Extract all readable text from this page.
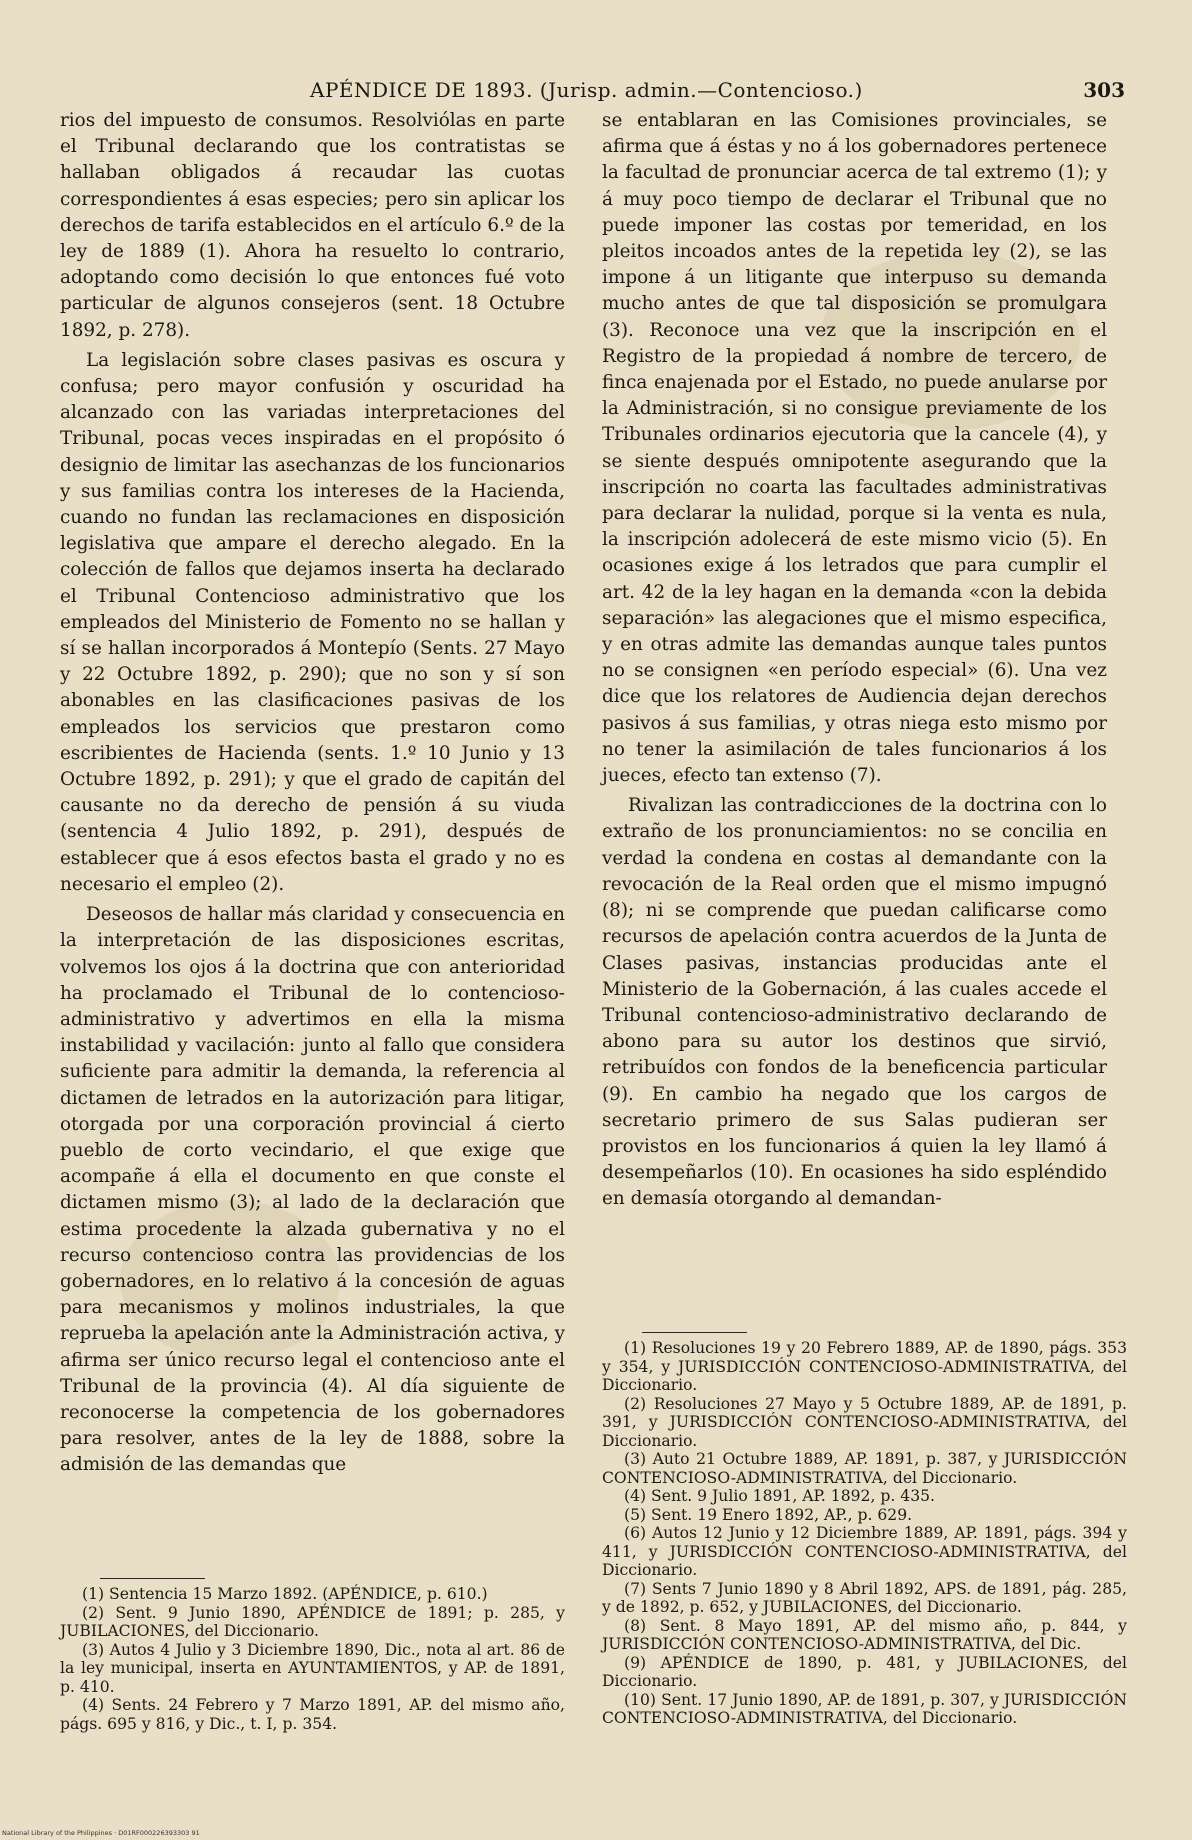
APÉNDICE DE 1893. (Jurisp. admin.—Contencioso.)	303

rios del impuesto de consumos. Resolviólas en parte el Tribunal declarando que los contratistas se hallaban obligados á recaudar las cuotas correspondientes á esas especies; pero sin aplicar los derechos de tarifa establecidos en el artículo 6.º de la ley de 1889 (1). Ahora ha resuelto lo contrario, adoptando como decisión lo que entonces fué voto particular de algunos consejeros (sent. 18 Octubre 1892, p. 278).

La legislación sobre clases pasivas es oscura y confusa; pero mayor confusión y oscuridad ha alcanzado con las variadas interpretaciones del Tribunal, pocas veces inspiradas en el propósito ó designio de limitar las asechanzas de los funcionarios y sus familias contra los intereses de la Hacienda, cuando no fundan las reclamaciones en disposición legislativa que ampare el derecho alegado. En la colección de fallos que dejamos inserta ha declarado el Tribunal Contencioso administrativo que los empleados del Ministerio de Fomento no se hallan y sí se hallan incorporados á Montepío (Sents. 27 Mayo y 22 Octubre 1892, p. 290); que no son y sí son abonables en las clasificaciones pasivas de los empleados los servicios que prestaron como escribientes de Hacienda (sents. 1.º 10 Junio y 13 Octubre 1892, p. 291); y que el grado de capitán del causante no da derecho de pensión á su viuda (sentencia 4 Julio 1892, p. 291), después de establecer que á esos efectos basta el grado y no es necesario el empleo (2).

Deseosos de hallar más claridad y consecuencia en la interpretación de las disposiciones escritas, volvemos los ojos á la doctrina que con anterioridad ha proclamado el Tribunal de lo contencioso-administrativo y advertimos en ella la misma instabilidad y vacilación: junto al fallo que considera suficiente para admitir la demanda, la referencia al dictamen de letrados en la autorización para litigar, otorgada por una corporación provincial á cierto pueblo de corto vecindario, el que exige que acompañe á ella el documento en que conste el dictamen mismo (3); al lado de la declaración que estima procedente la alzada gubernativa y no el recurso contencioso contra las providencias de los gobernadores, en lo relativo á la concesión de aguas para mecanismos y molinos industriales, la que reprueba la apelación ante la Administración activa, y afirma ser único recurso legal el contencioso ante el Tribunal de la provincia (4). Al día siguiente de reconocerse la competencia de los gobernadores para resolver, antes de la ley de 1888, sobre la admisión de las demandas que

se entablaran en las Comisiones provinciales, se afirma que á éstas y no á los gobernadores pertenece la facultad de pronunciar acerca de tal extremo (1); y á muy poco tiempo de declarar el Tribunal que no puede imponer las costas por temeridad, en los pleitos incoados antes de la repetida ley (2), se las impone á un litigante que interpuso su demanda mucho antes de que tal disposición se promulgara (3). Reconoce una vez que la inscripción en el Registro de la propiedad á nombre de tercero, de finca enajenada por el Estado, no puede anularse por la Administración, si no consigue previamente de los Tribunales ordinarios ejecutoria que la cancele (4), y se siente después omnipotente asegurando que la inscripción no coarta las facultades administrativas para declarar la nulidad, porque si la venta es nula, la inscripción adolecerá de este mismo vicio (5). En ocasiones exige á los letrados que para cumplir el art. 42 de la ley hagan en la demanda «con la debida separación» las alegaciones que el mismo especifica, y en otras admite las demandas aunque tales puntos no se consignen «en período especial» (6). Una vez dice que los relatores de Audiencia dejan derechos pasivos á sus familias, y otras niega esto mismo por no tener la asimilación de tales funcionarios á los jueces, efecto tan extenso (7).

Rivalizan las contradicciones de la doctrina con lo extraño de los pronunciamientos: no se concilia en verdad la condena en costas al demandante con la revocación de la Real orden que el mismo impugnó (8); ni se comprende que puedan calificarse como recursos de apelación contra acuerdos de la Junta de Clases pasivas, instancias producidas ante el Ministerio de la Gobernación, á las cuales accede el Tribunal contencioso-administrativo declarando de abono para su autor los destinos que sirvió, retribuídos con fondos de la beneficencia particular (9). En cambio ha negado que los cargos de secretario primero de sus Salas pudieran ser provistos en los funcionarios á quien la ley llamó á desempeñarlos (10). En ocasiones ha sido espléndido en demasía otorgando al demandan-

(1) Sentencia 15 Marzo 1892. (APÉNDICE, p. 610.)

(2) Sent. 9 Junio 1890, APÉNDICE de 1891; p. 285, y JUBILACIONES, del Diccionario.

(3) Autos 4 Julio y 3 Diciembre 1890, Dic., nota al art. 86 de la ley municipal, inserta en AYUNTAMIENTOS, y AP. de 1891, p. 410.

(4) Sents. 24 Febrero y 7 Marzo 1891, AP. del mismo año, págs. 695 y 816, y Dic., t. I, p. 354.

(1) Resoluciones 19 y 20 Febrero 1889, AP. de 1890, págs. 353 y 354, y JURISDICCIÓN CONTENCIOSO-ADMINISTRATIVA, del Diccionario.

(2) Resoluciones 27 Mayo y 5 Octubre 1889, AP. de 1891, p. 391, y JURISDICCIÓN CONTENCIOSO-ADMINISTRATIVA, del Diccionario.

(3) Auto 21 Octubre 1889, AP. 1891, p. 387, y JURISDICCIÓN CONTENCIOSO-ADMINISTRATIVA, del Diccionario.

(4) Sent. 9 Julio 1891, AP. 1892, p. 435.

(5) Sent. 19 Enero 1892, AP., p. 629.

(6) Autos 12 Junio y 12 Diciembre 1889, AP. 1891, págs. 394 y 411, y JURISDICCIÓN CONTENCIOSO-ADMINISTRATIVA, del Diccionario.

(7) Sents 7 Junio 1890 y 8 Abril 1892, APS. de 1891, pág. 285, y de 1892, p. 652, y JUBILACIONES, del Diccionario.

(8) Sent. 8 Mayo 1891, AP. del mismo año, p. 844, y JURISDICCIÓN CONTENCIOSO-ADMINISTRATIVA, del Dic.

(9) APÉNDICE de 1890, p. 481, y JUBILACIONES, del Diccionario.

(10) Sent. 17 Junio 1890, AP. de 1891, p. 307, y JURISDICCIÓN CONTENCIOSO-ADMINISTRATIVA, del Diccionario.

National Library of the Philippines · D01RF000226393303 91
